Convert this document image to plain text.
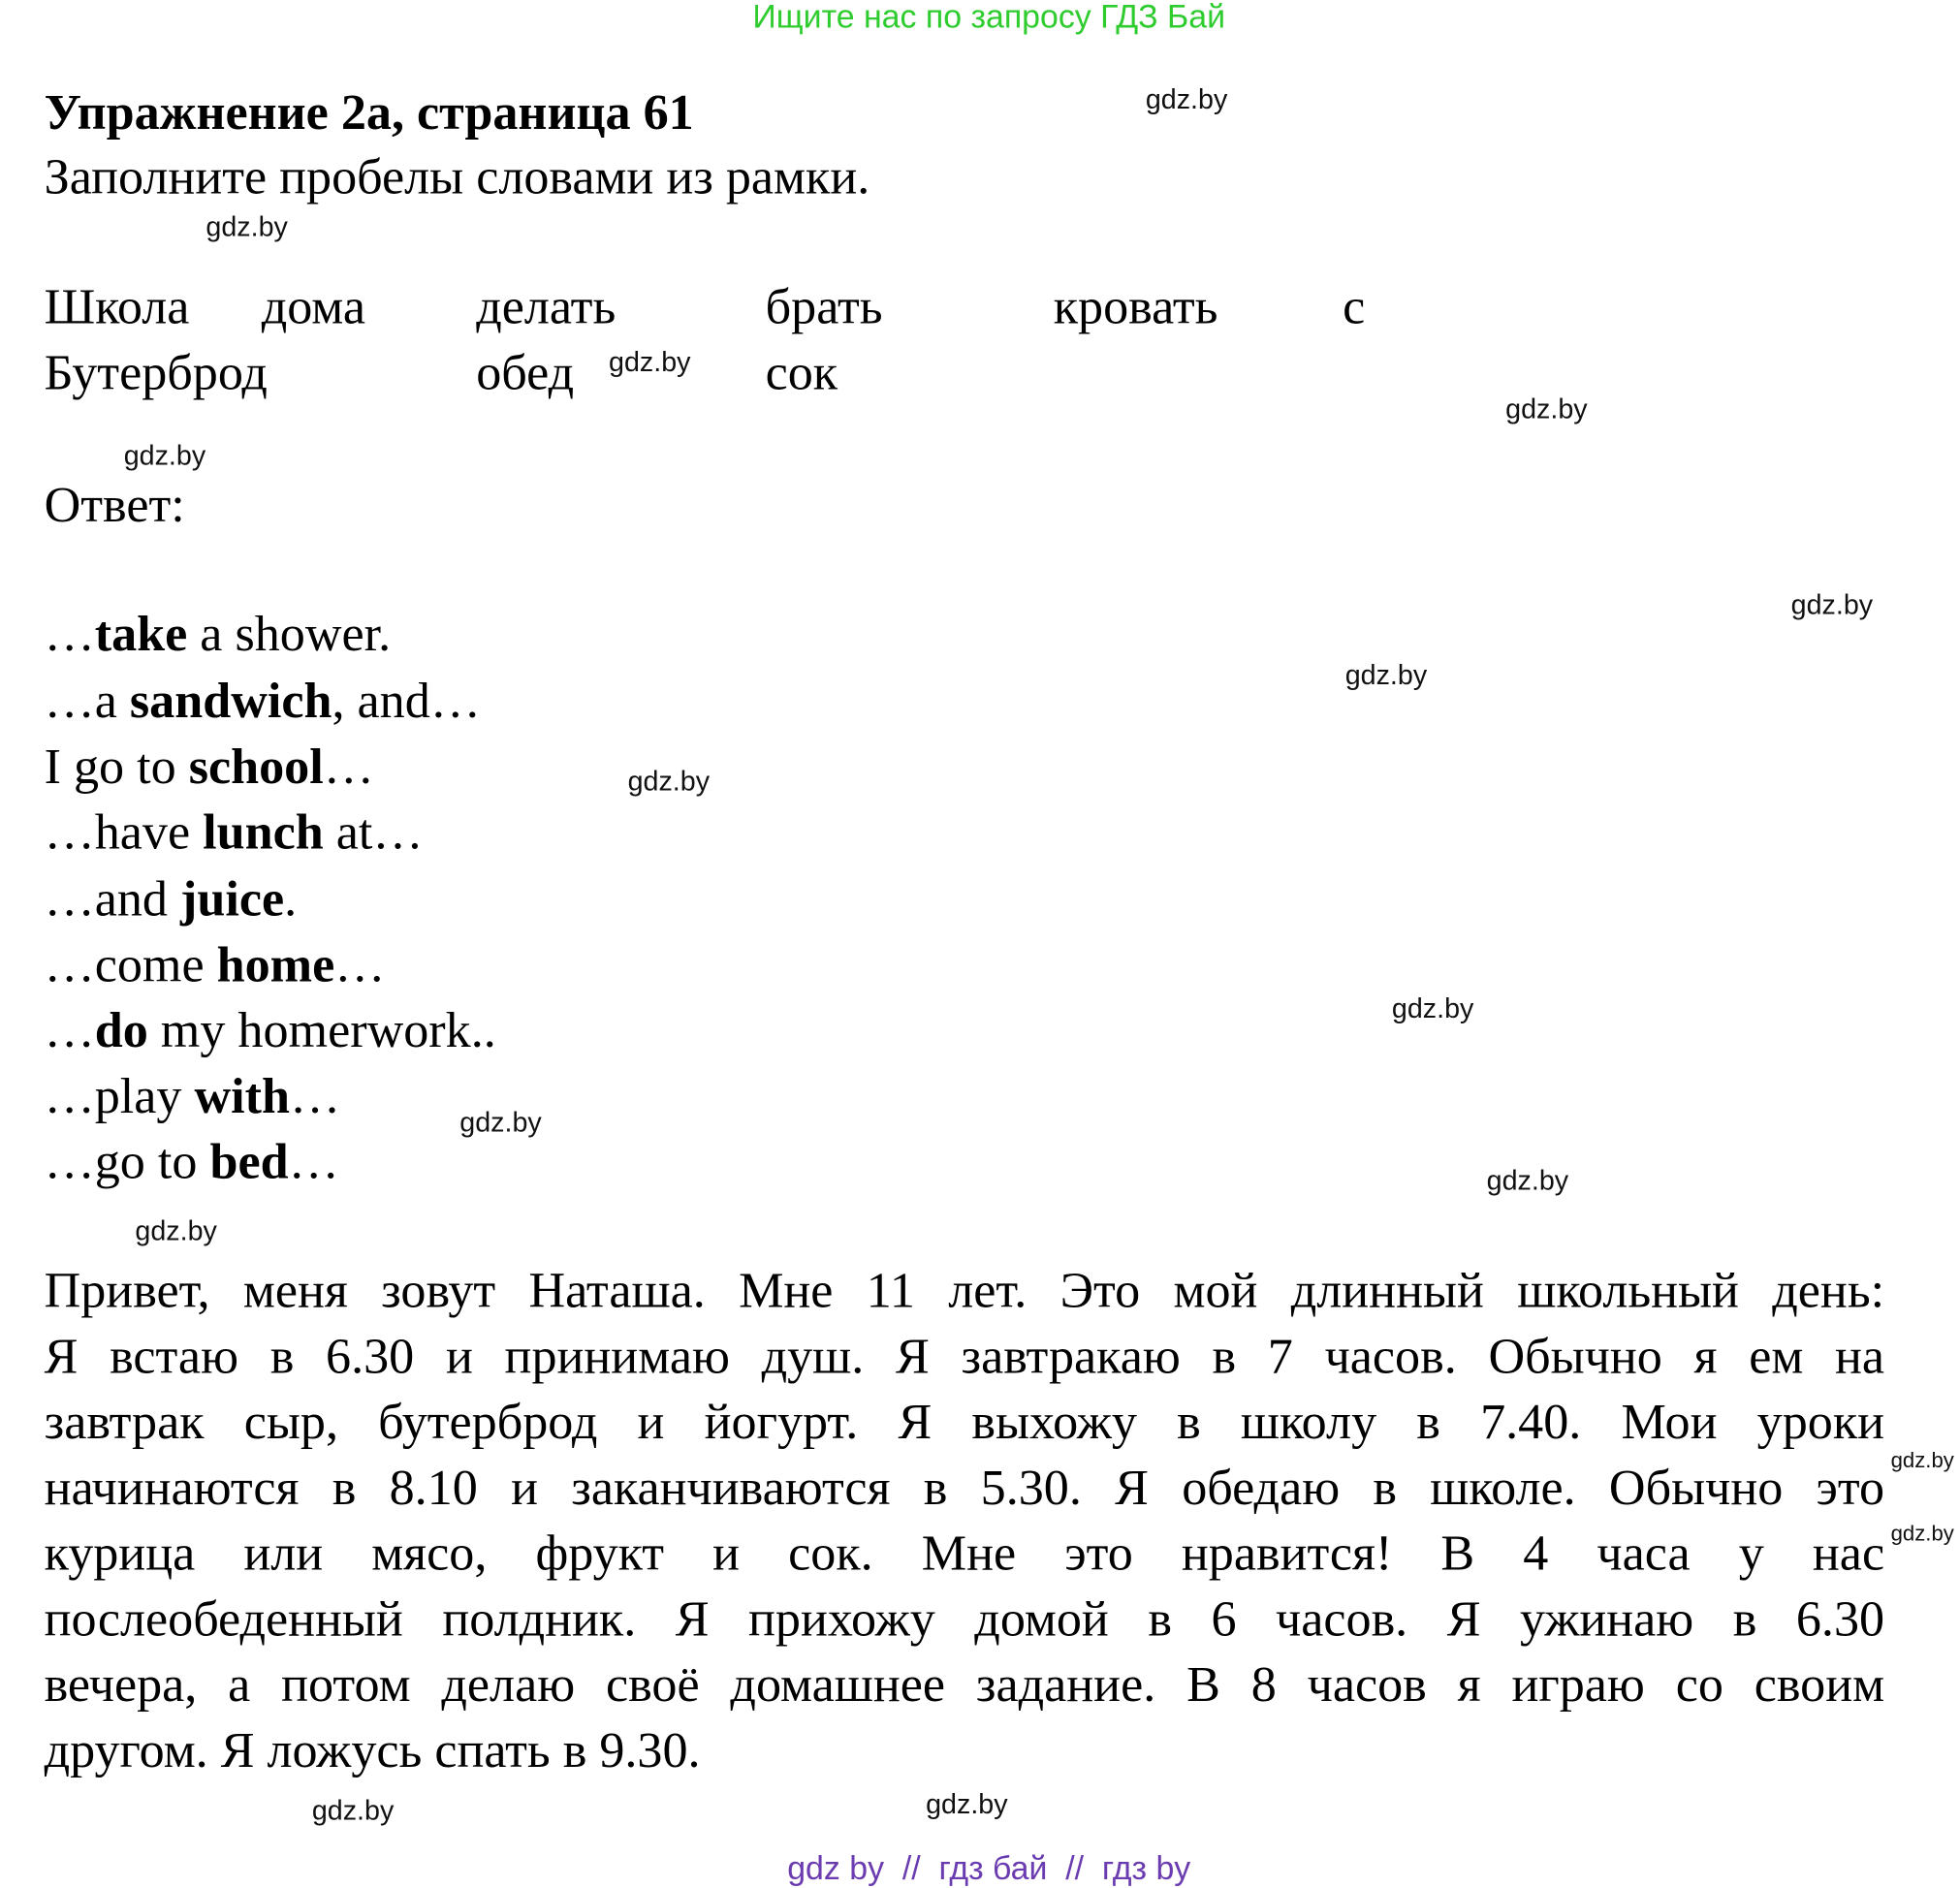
Ищите нас по запросу ГДЗ Бай
Упражнение 2а, страница 61
Заполните пробелы словами из рамки.
Школа дома	делать	брать	кровать	с
Бутерброд	обед	сок
Ответ:
…take a shower.
…a sandwich, and…
I go to school…
…have lunch at…
…and juice.
…come home…
…do my homerwork..
…play with…
…go to bed…
Привет, меня зовут Наташа. Мне 11 лет. Это мой длинный школьный день:
Я встаю в 6.30 и принимаю душ. Я завтракаю в 7 часов. Обычно я ем на
завтрак сыр, бутерброд и йогурт. Я выхожу в школу в 7.40. Мои уроки
начинаются в 8.10 и заканчиваются в 5.30. Я обедаю в школе. Обычно это
курица или мясо, фрукт и сок. Мне это нравится! В 4 часа у нас
послеобеденный полдник. Я прихожу домой в 6 часов. Я ужинаю в 6.30
вечера, а потом делаю своё домашнее задание. В 8 часов я играю со своим
другом. Я ложусь спать в 9.30.
gdz.by
gdz.by
gdz.by
gdz.by
gdz.by
gdz.by
gdz.by
gdz.by
gdz.by
gdz.by
gdz.by
gdz.by
gdz.by
gdz.by
gdz.by
gdz.by
gdz by  //  гдз бай  //  гдз by
